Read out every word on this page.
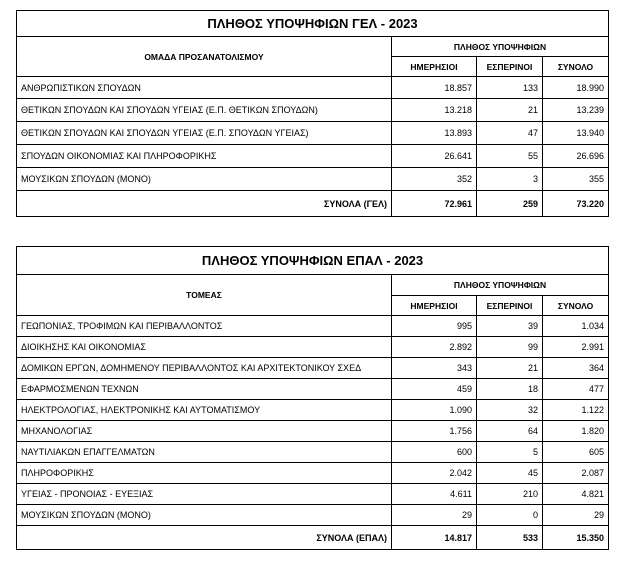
ΠΛΗΘΟΣ ΥΠΟΨΗΦΙΩΝ ΓΕΛ - 2023			
ΟΜΑΔΑ ΠΡΟΣΑΝΑΤΟΛΙΣΜΟΥ	ΠΛΗΘΟΣ ΥΠΟΨΗΦΙΩΝ		
	ΗΜΕΡΗΣΙΟΙ	ΕΣΠΕΡΙΝΟΙ	ΣΥΝΟΛΟ
ΑΝΘΡΩΠΙΣΤΙΚΩΝ ΣΠΟΥΔΩΝ	18.857	133	18.990
ΘΕΤΙΚΩΝ ΣΠΟΥΔΩΝ ΚΑΙ ΣΠΟΥΔΩΝ ΥΓΕΙΑΣ (Ε.Π. ΘΕΤΙΚΩΝ ΣΠΟΥΔΩΝ)	13.218	21	13.239
ΘΕΤΙΚΩΝ ΣΠΟΥΔΩΝ ΚΑΙ ΣΠΟΥΔΩΝ ΥΓΕΙΑΣ (Ε.Π. ΣΠΟΥΔΩΝ ΥΓΕΙΑΣ)	13.893	47	13.940
ΣΠΟΥΔΩΝ ΟΙΚΟΝΟΜΙΑΣ ΚΑΙ ΠΛΗΡΟΦΟΡΙΚΗΣ	26.641	55	26.696
ΜΟΥΣΙΚΩΝ ΣΠΟΥΔΩΝ (ΜΟΝΟ)	352	3	355
ΣΥΝΟΛΑ (ΓΕΛ)	72.961	259	73.220
ΠΛΗΘΟΣ ΥΠΟΨΗΦΙΩΝ ΕΠΑΛ - 2023			
ΤΟΜΕΑΣ	ΠΛΗΘΟΣ ΥΠΟΨΗΦΙΩΝ		
	ΗΜΕΡΗΣΙΟΙ	ΕΣΠΕΡΙΝΟΙ	ΣΥΝΟΛΟ
ΓΕΩΠΟΝΙΑΣ, ΤΡΟΦΙΜΩΝ ΚΑΙ ΠΕΡΙΒΑΛΛΟΝΤΟΣ	995	39	1.034
ΔΙΟΙΚΗΣΗΣ ΚΑΙ ΟΙΚΟΝΟΜΙΑΣ	2.892	99	2.991
ΔΟΜΙΚΩΝ ΕΡΓΩΝ, ΔΟΜΗΜΕΝΟΥ ΠΕΡΙΒΑΛΛΟΝΤΟΣ ΚΑΙ ΑΡΧΙΤΕΚΤΟΝΙΚΟΥ ΣΧΕΔ	343	21	364
ΕΦΑΡΜΟΣΜΕΝΩΝ ΤΕΧΝΩΝ	459	18	477
ΗΛΕΚΤΡΟΛΟΓΙΑΣ, ΗΛΕΚΤΡΟΝΙΚΗΣ ΚΑΙ ΑΥΤΟΜΑΤΙΣΜΟΥ	1.090	32	1.122
ΜΗΧΑΝΟΛΟΓΙΑΣ	1.756	64	1.820
ΝΑΥΤΙΛΙΑΚΩΝ ΕΠΑΓΓΕΛΜΑΤΩΝ	600	5	605
ΠΛΗΡΟΦΟΡΙΚΗΣ	2.042	45	2.087
ΥΓΕΙΑΣ - ΠΡΟΝΟΙΑΣ - ΕΥΕΞΙΑΣ	4.611	210	4.821
ΜΟΥΣΙΚΩΝ ΣΠΟΥΔΩΝ (ΜΟΝΟ)	29	0	29
ΣΥΝΟΛΑ (ΕΠΑΛ)	14.817	533	15.350
